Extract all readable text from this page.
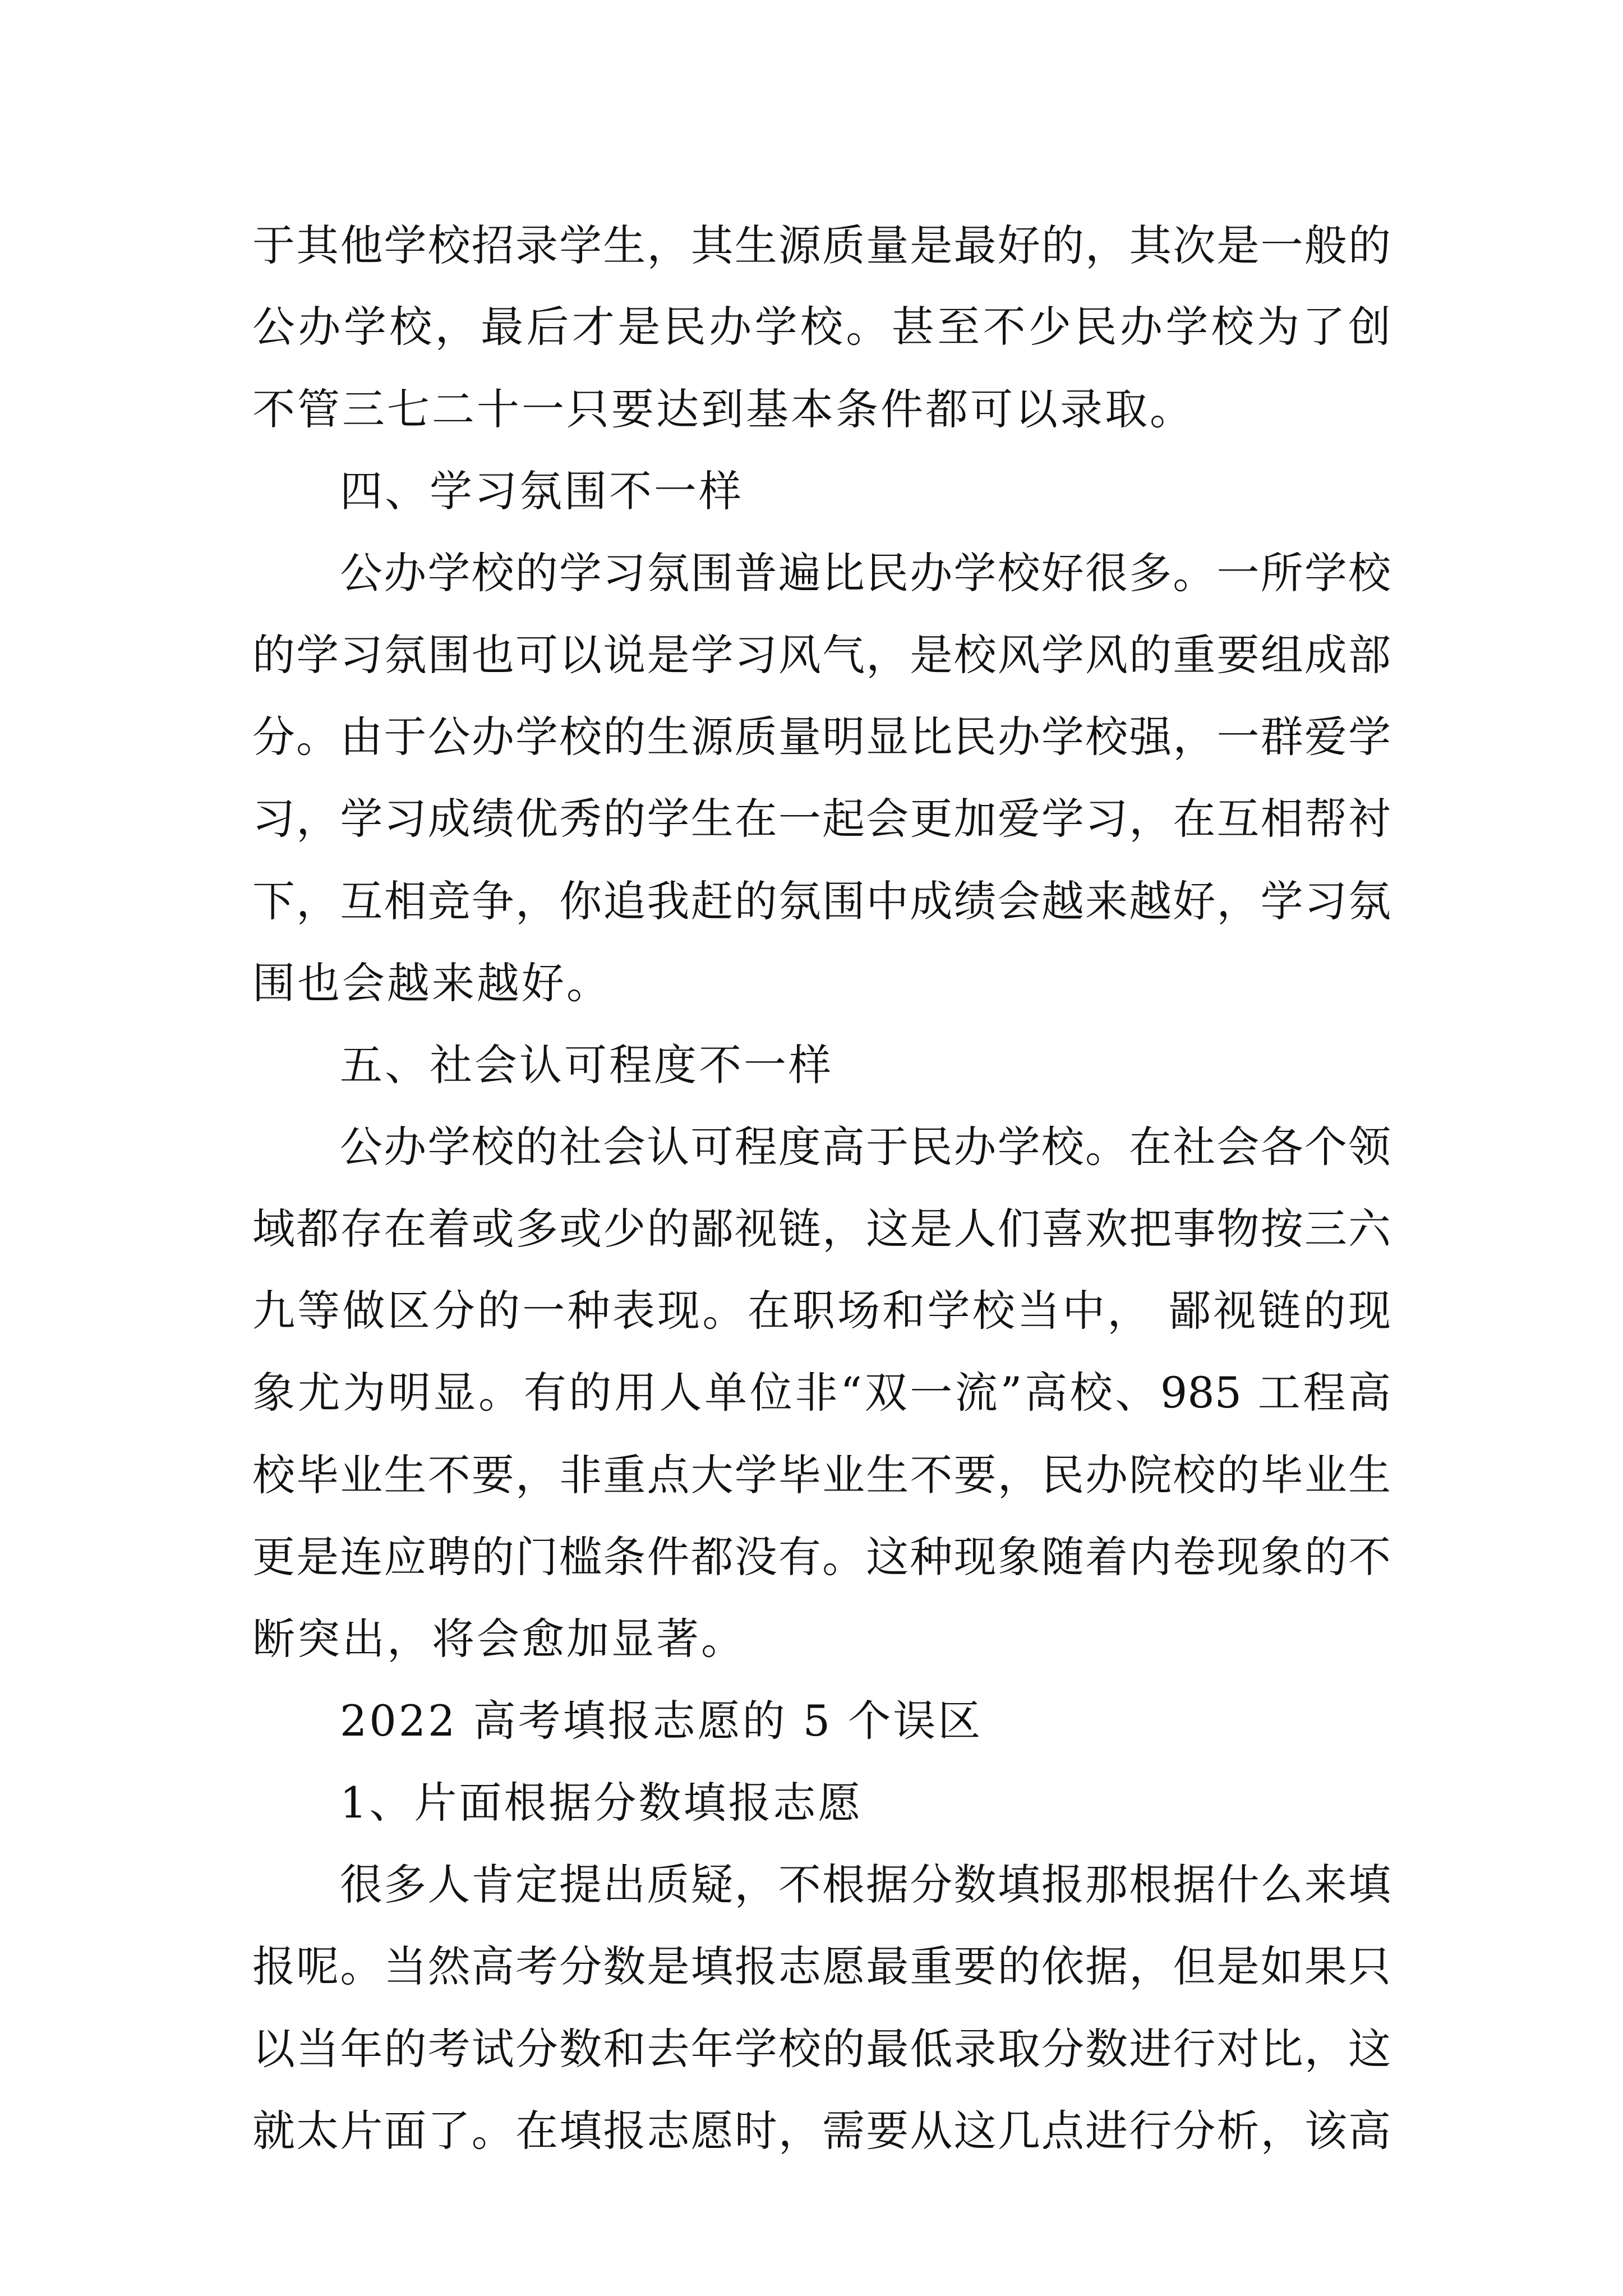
于其他学校招录学生，其生源质量是最好的，其次是一般的
公办学校，最后才是民办学校。甚至不少民办学校为了创
不管三七二十一只要达到基本条件都可以录取。
四、学习氛围不一样
公办学校的学习氛围普遍比民办学校好很多。一所学校
的学习氛围也可以说是学习风气，是校风学风的重要组成部
分。由于公办学校的生源质量明显比民办学校强，一群爱学
习，学习成绩优秀的学生在一起会更加爱学习，在互相帮衬
下，互相竞争，你追我赶的氛围中成绩会越来越好，学习氛
围也会越来越好。
五、社会认可程度不一样
公办学校的社会认可程度高于民办学校。在社会各个领
域都存在着或多或少的鄙视链，这是人们喜欢把事物按三六
九等做区分的一种表现。在职场和学校当中， 鄙视链的现
象尤为明显。有的用人单位非“双一流”高校、985 工程高
校毕业生不要，非重点大学毕业生不要，民办院校的毕业生
更是连应聘的门槛条件都没有。这种现象随着内卷现象的不
断突出，将会愈加显著。
2022 高考填报志愿的 5 个误区
1、片面根据分数填报志愿
很多人肯定提出质疑，不根据分数填报那根据什么来填
报呢。当然高考分数是填报志愿最重要的依据，但是如果只
以当年的考试分数和去年学校的最低录取分数进行对比，这
就太片面了。在填报志愿时，需要从这几点进行分析，该高
